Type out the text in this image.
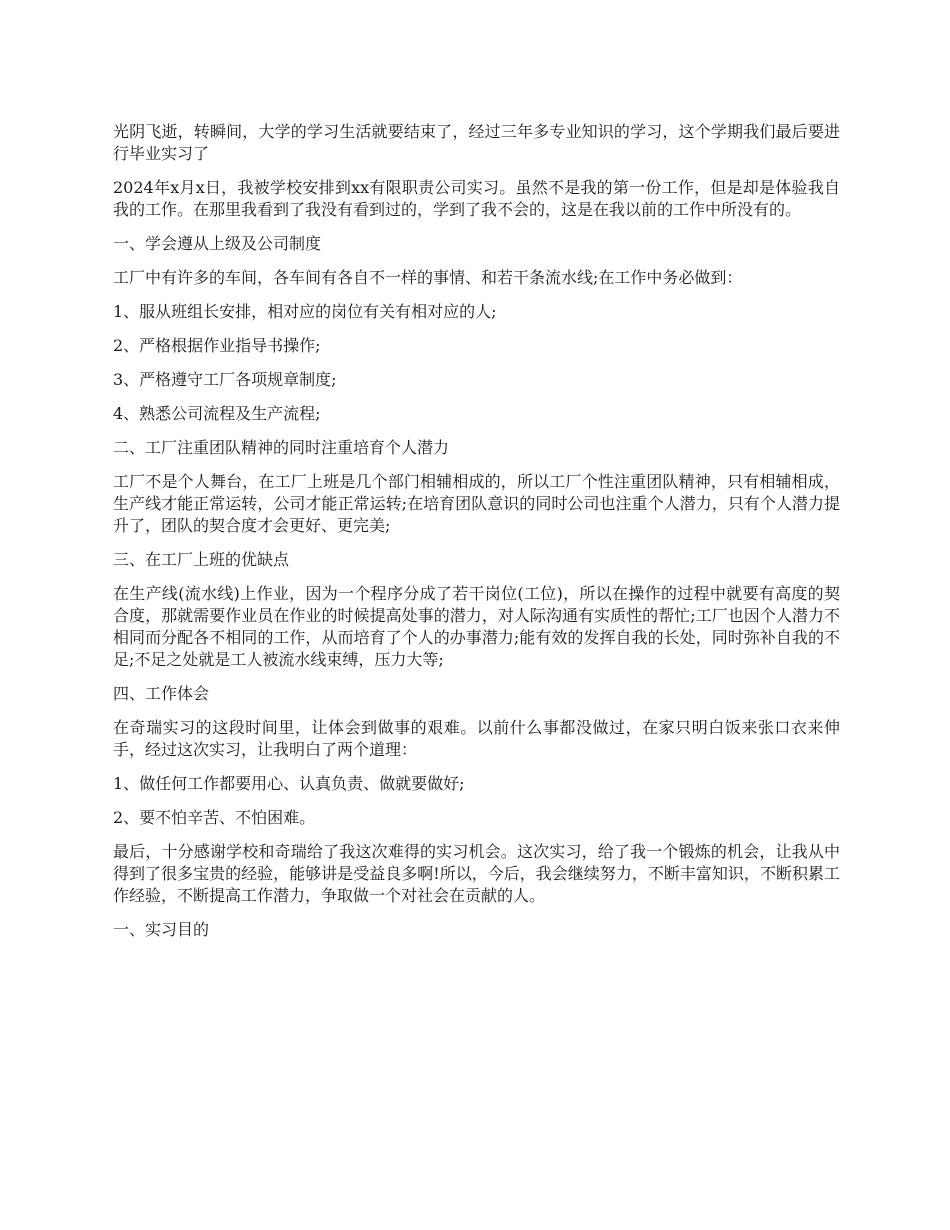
光阴飞逝，转瞬间，大学的学习生活就要结束了，经过三年多专业知识的学习，这个学期我们最后要进行毕业实习了

2024年x月x日，我被学校安排到xx有限职责公司实习。虽然不是我的第一份工作，但是却是体验我自我的工作。在那里我看到了我没有看到过的，学到了我不会的，这是在我以前的工作中所没有的。

一、学会遵从上级及公司制度

工厂中有许多的车间，各车间有各自不一样的事情、和若干条流水线;在工作中务必做到：

1、服从班组长安排，相对应的岗位有关有相对应的人;

2、严格根据作业指导书操作;

3、严格遵守工厂各项规章制度;

4、熟悉公司流程及生产流程;

二、工厂注重团队精神的同时注重培育个人潜力

工厂不是个人舞台，在工厂上班是几个部门相辅相成的，所以工厂个性注重团队精神，只有相辅相成，生产线才能正常运转，公司才能正常运转;在培育团队意识的同时公司也注重个人潜力，只有个人潜力提升了，团队的契合度才会更好、更完美;

三、在工厂上班的优缺点

在生产线(流水线)上作业，因为一个程序分成了若干岗位(工位)，所以在操作的过程中就要有高度的契合度，那就需要作业员在作业的时候提高处事的潜力，对人际沟通有实质性的帮忙;工厂也因个人潜力不相同而分配各不相同的工作，从而培育了个人的办事潜力;能有效的发挥自我的长处，同时弥补自我的不足;不足之处就是工人被流水线束缚，压力大等;

四、工作体会

在奇瑞实习的这段时间里，让体会到做事的艰难。以前什么事都没做过，在家只明白饭来张口衣来伸手，经过这次实习，让我明白了两个道理：

1、做任何工作都要用心、认真负责、做就要做好;

2、要不怕辛苦、不怕困难。

最后，十分感谢学校和奇瑞给了我这次难得的实习机会。这次实习，给了我一个锻炼的机会，让我从中得到了很多宝贵的经验，能够讲是受益良多啊!所以，今后，我会继续努力，不断丰富知识，不断积累工作经验，不断提高工作潜力，争取做一个对社会在贡献的人。

一、实习目的
